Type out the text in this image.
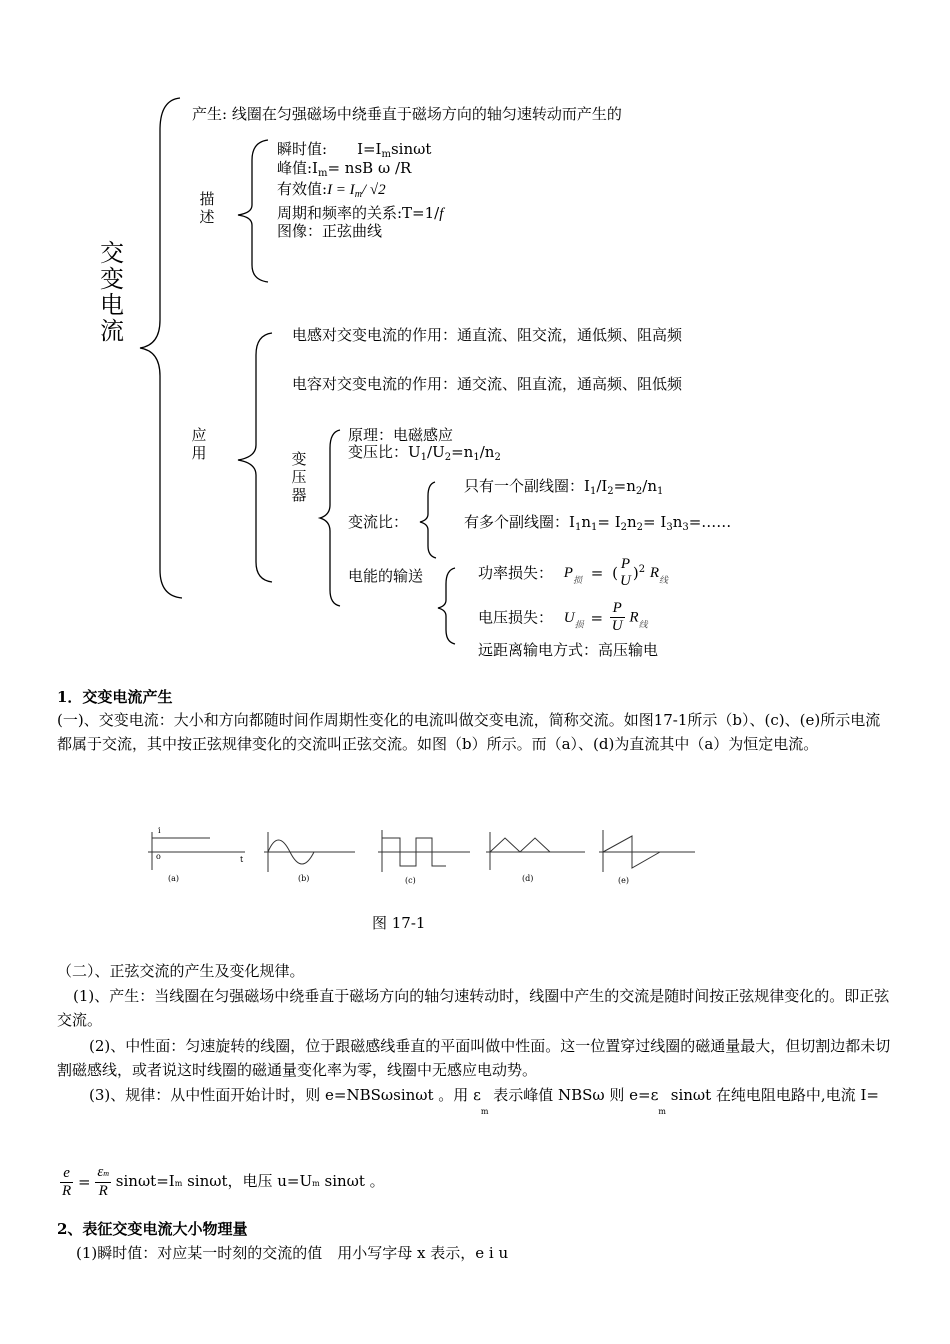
交
变
电
流
产生: 线圈在匀强磁场中绕垂直于磁场方向的轴匀速转动而产生的
描
述
瞬时值: $I=I_m\sin\omega t$
峰值$:I_m=$ nsB ω /R
有效值:I = $I_m/$ √2
周期和频率的关系:T=1/f
图像：正弦曲线
应
用
电感对交变电流的作用：通直流、阻交流，通低频、阻高频
电容对交变电流的作用：通交流、阻直流，通高频、阻低频
变
压
器
原理：电磁感应
变压比：$U_1/U_2=n_1/n_2$
只有一个副线圈：$I_1/I_2=n_2/n_1$
变流比：	有多个副线圈：$I_1n_1= I_2n_2=$ $I_3n_3=\dots\dots$
电能的输送	功率损失： $P_损$ = ( P
U )$^2$ $R_线$
电压损失： $U_损 = \frac{P}{U} R_线$
远距离输电方式：高压输电
1．交变电流产生
(一)、交变电流：大小和方向都随时间作周期性变化的电流叫做交变电流，简称交流。如图17-1所示（b）、(c)、(e)所示电流都属于交流，其中按正弦规律变化的交流叫正弦交流。如图（b）所示。而（a）、(d)为直流其中（a）为恒定电流。
(a)	(b)	(c)	(d)	(e)
o
i
t
图 17-1
（二）、正弦交流的产生及变化规律。
(1)、产生：当线圈在匀强磁场中绕垂直于磁场方向的轴匀速转动时，线圈中产生的交流是随时间按正弦规律变化的。即正弦交流。
(2)、中性面：匀速旋转的线圈，位于跟磁感线垂直的平面叫做中性面。这一位置穿过线圈的磁通量最大，但切割边都未切割磁感线，或者说这时线圈的磁通量变化率为零，线圈中无感应电动势。
(3)、规律：从中性面开始计时，则 e=NBSωsinωt 。用 $\varepsilon_m$ 表示峰值 NBSω 则 $e=\varepsilon_m$ sinωt 在纯电阻电路中,电流 I=
$\frac{e}{R} = \frac{\varepsilon m}{R} \sin\omega t=Im$ sinωt，电压 u=Um sinωt 。
2、表征交变电流大小物理量
(1)瞬时值：对应某一时刻的交流的值　用小写字母 x 表示，e i u
